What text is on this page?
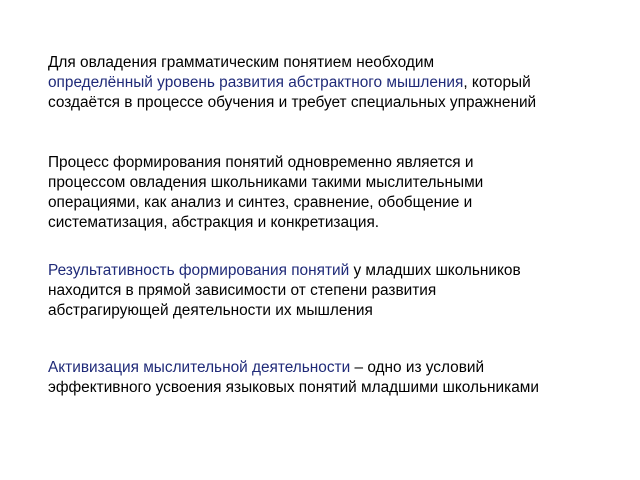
Для овладения грамматическим понятием необходим
определённый уровень развития абстрактного мышления, который
создаётся в процессе обучения и требует специальных упражнений

Процесс формирования понятий одновременно является и
процессом овладения школьниками такими мыслительными
операциями, как анализ и синтез, сравнение, обобщение и
систематизация, абстракция и конкретизация.

Результативность формирования понятий у младших школьников
находится в прямой зависимости от степени развития
абстрагирующей деятельности их мышления

Активизация мыслительной деятельности – одно из условий
эффективного усвоения языковых понятий младшими школьниками
